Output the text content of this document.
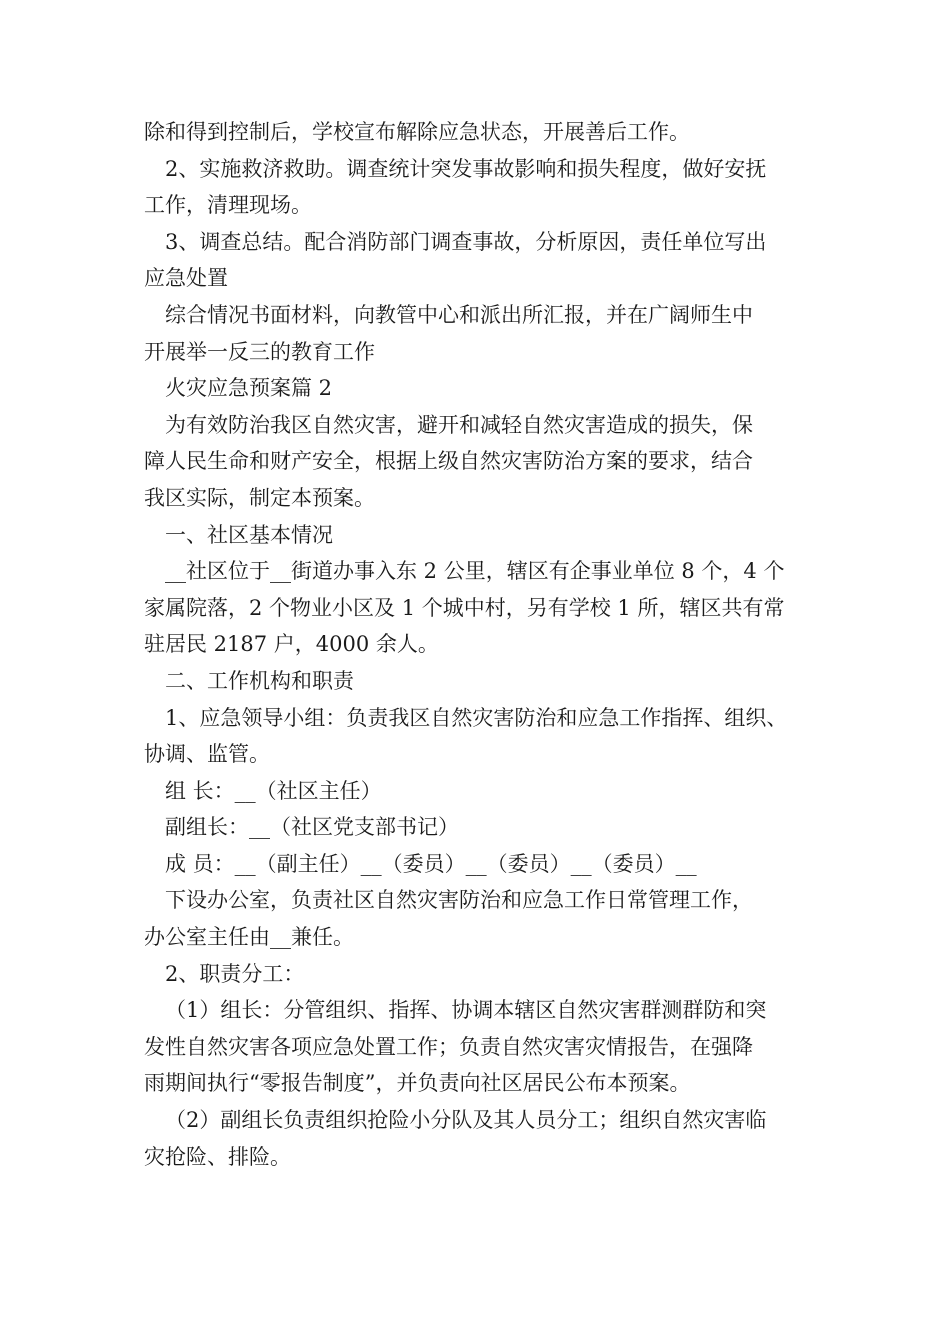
除和得到控制后，学校宣布解除应急状态，开展善后工作。

2、实施救济救助。调查统计突发事故影响和损失程度，做好安抚

工作，清理现场。

3、调查总结。配合消防部门调查事故，分析原因，责任单位写出

应急处置

综合情况书面材料，向教管中心和派出所汇报，并在广阔师生中

开展举一反三的教育工作

火灾应急预案篇 2

为有效防治我区自然灾害，避开和减轻自然灾害造成的损失，保

障人民生命和财产安全，根据上级自然灾害防治方案的要求，结合

我区实际，制定本预案。

一、社区基本情况

__社区位于__街道办事入东 2 公里，辖区有企事业单位 8 个，4 个

家属院落，2 个物业小区及 1 个城中村，另有学校 1 所，辖区共有常

驻居民 2187 户，4000 余人。

二、工作机构和职责

1、应急领导小组：负责我区自然灾害防治和应急工作指挥、组织、

协调、监管。

组 长：__（社区主任）

副组长：__（社区党支部书记）

成 员：__（副主任）__（委员）__（委员）__（委员）__

下设办公室，负责社区自然灾害防治和应急工作日常管理工作，

办公室主任由__兼任。

2、职责分工：

（1）组长：分管组织、指挥、协调本辖区自然灾害群测群防和突

发性自然灾害各项应急处置工作；负责自然灾害灾情报告，在强降

雨期间执行“零报告制度”，并负责向社区居民公布本预案。

（2）副组长负责组织抢险小分队及其人员分工；组织自然灾害临

灾抢险、排险。
